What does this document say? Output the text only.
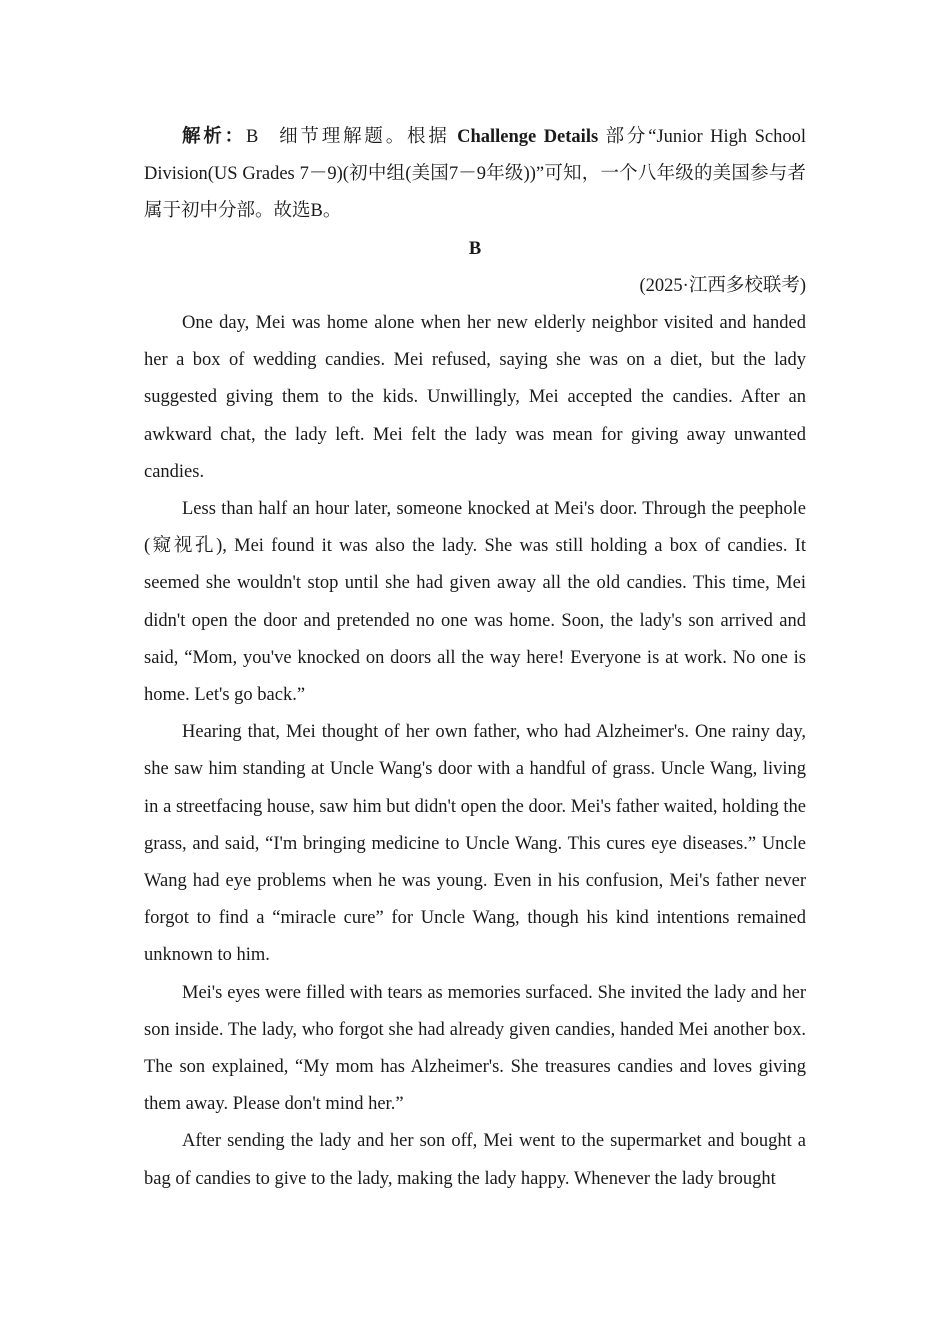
解析：B 细节理解题。根据 Challenge Details 部分“Junior High School Division(US Grades 7－9)(初中组(美国7－9年级))”可知，一个八年级的美国参与者属于初中分部。故选B。

B

(2025·江西多校联考)

One day, Mei was home alone when her new elderly neighbor visited and handed her a box of wedding candies. Mei refused, saying she was on a diet, but the lady suggested giving them to the kids. Unwillingly, Mei accepted the candies. After an awkward chat, the lady left. Mei felt the lady was mean for giving away unwanted candies.

Less than half an hour later, someone knocked at Mei's door. Through the peephole (窥视孔), Mei found it was also the lady. She was still holding a box of candies. It seemed she wouldn't stop until she had given away all the old candies. This time, Mei didn't open the door and pretended no one was home. Soon, the lady's son arrived and said, “Mom, you've knocked on doors all the way here! Everyone is at work. No one is home. Let's go back.”

Hearing that, Mei thought of her own father, who had Alzheimer's. One rainy day, she saw him standing at Uncle Wang's door with a handful of grass. Uncle Wang, living in a streetfacing house, saw him but didn't open the door. Mei's father waited, holding the grass, and said, “I'm bringing medicine to Uncle Wang. This cures eye diseases.” Uncle Wang had eye problems when he was young. Even in his confusion, Mei's father never forgot to find a “miracle cure” for Uncle Wang, though his kind intentions remained unknown to him.

Mei's eyes were filled with tears as memories surfaced. She invited the lady and her son inside. The lady, who forgot she had already given candies, handed Mei another box. The son explained, “My mom has Alzheimer's. She treasures candies and loves giving them away. Please don't mind her.”

After sending the lady and her son off, Mei went to the supermarket and bought a bag of candies to give to the lady, making the lady happy. Whenever the lady brought
